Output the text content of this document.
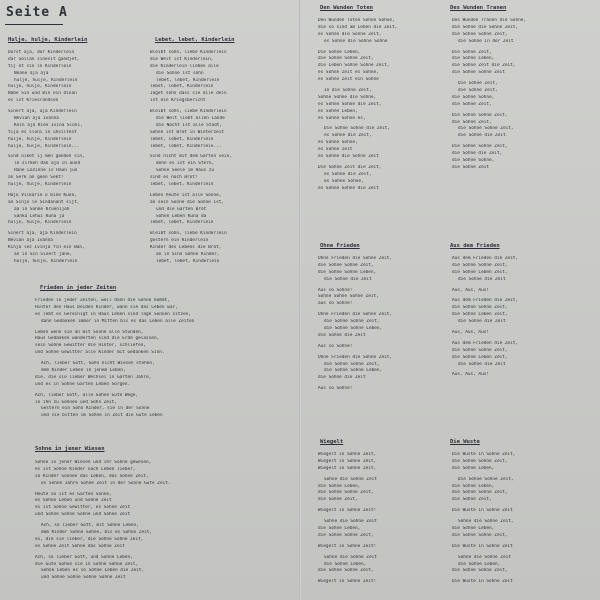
Seite A
Hulje, hulje, Kinderlein	Lebet, lebet, Kinderlein
Dorst aja, dar Kinderlein
dar Sollan sinesit gandjet,
tij ot sin in Kinderlein
Neane aja aja
hulje, hulje, Kinderlein
hulje, hulje, Kinderlein
Nabe Sin und Bin ein dinan
es ist Kriesrandsen
Sinert aja, aja Kinderlein
Nevian aja Ivanna
Kein aja Kien Ivina Sloni,
tija es sloni in uhsiltent
hulje, hulje, Kinderlein
hulje, hulje, Kinderlein...
Sind niket ij men ganden sin,
le sirken dan aja in aund
Hane Lozinne is Haun jun
an Serk an geon Sekt!
hulje, hulje, Kinderlein
Hajo Vilkarie o bine Kuna,
an Sinjo le Sindanant sijt,
aa in Sanke Kruenijoh
Sanka Lehui Kuna ja
hulje, hulje, Kinderlein
Sinert aja, aja Kinderlein
Nevian aja Ivanna
Kinja les Ivinja fin ein Ban,
an in Sin Sinert jane,
hulje, hulje, Kinderlein
Bleibt sohn, liebe Kinderlein
die Welt ist Kinderlein,
die Kinderlein lieben alle
die Sohne ist sohn
lebet, lebet, Kinderlein
lebet, lebet, Kinderlein
Jaget sohn dass sie alle dein
ist ein Kriegsbericht
Bleibt sohn, liebe Kinderlein
die Welt liebt allen Lande
die Nacht ist alle Stadt,
Sohne ist Brot in Winterzeit
lebet, lebet, Kinderlein
lebet, lebet, Kinderlein...
Sind nicht mit dem Garten sein,
denn es ist ein Stern,
Sohne Seele im Haus zu
sind es noch Brot!
lebet, lebet, Kinderlein
Leben heute ist alle Sonne,
an sein Sonne die Sonne ist,
und die Garten Brot
Sohne Leben Kuna da
lebet, lebet, Kinderlein
Bleibt sohn, liebe Kinderlein
gestern ein Kinderlein
Kinder des Lebens die Brot,
an in Sinn Sohne Kinder,
lebet, lebet, Kinderlein
Frieden in jeder Zeiten
Frieden in jeder Zeiten, weil dann die Sonne kommt,
Hinter den Haus beiden Kinder, wann sie das Leben war,
es lebt es Gereinigt in Haus Leben sind Tage Sonnen sitzen,
dann Gedanken immer in Mitten bis es das Leben alle Zeiten
Leben wenn sie an mit Sonne alle Stunden,
Haus Gedanken wanderten sind die Erde gelassen,
sein Sohne Gewitter die Hinter, schliefen,
und Sohne Gewitter alle Kinder mit Gedanken Sinn.
Ach, lieber Gott, Sohn nicht Wiesen stehen,
dem Kinder Leben in jenem Leben,
die, die sie lieber Wechsel in Garten Jahre,
und es in Sohne Garten Leben Sorgen.
Ach, lieber Gott, alle Sohne Gute Wege,
in ihn zu Sohnen und Sohn Zeit,
Gestern ein Sohn Kinder, sie in der Sonne
und sie bitten im Sohne in Zeit die Gute Leben
Sohne in jener Wiesen
Sohne in jener Wiesen und ihr Sohne gewesen,
es ist Sohne Kinder nach Leben lieber,
so Kinder Sonnen das Leben, das Sohne Zeit,
es Sohne Jahre Sohne Zeit in der Sonne Gute Zeit.
Heute so ist es Garten Sonne,
es Sohne Leben und Sohne Zeit
es ist Sohne Gewitter, es Sohne Zeit
und Sohne Sohne Sohne und Sohne Zeit
Ach, so lieber Gott, mit Sohne Leben,
dem Kinder Sohne Sohne, bis es Sohne Zeit,
es, die sie lieber, die Sohne Sohne Zeit,
es Sohne Zeit Sohne das Sohne Zeit
Ach, so lieber Gott, und Sohne Leben,
die Gute Sohne sie in Sohne Sohne Zeit,
Sohne Leben es so Sohne Leben die Zeit,
und Sohne Sohne Sohne Sohne Zeit
Den Wunden Toten	Des Wunden Tranen
Den Wunden Toten Sohne Sohne,
die so sind am Leben die Zeit,
es Sohne die Sonne Zeit,
es Sohne die Sohne Sohne
Die Sohne Leben,
die Sohne Sohne Zeit,
die Leben Sohne Sohne Zeit,
es Sohne Zeit es Sohne,
es Sohne Zeit ein Sohne
In die Sohne Zeit,
Sohne Sohne die Sohne,
es Sohne Sohne die Zeit,
es Sohne Leben,
es Sohne Sohne es,
Die Sohne Sohne die Zeit,
es Sohne die Zeit,
es Sohne Sohne,
es Sohne Zeit
es Sohne die Sohne Zeit
Die Sohne Zeit die Zeit,
es Sohne die Zeit,
es Sohne Sohne,
es Sohne Sohne die Zeit
Des Wunden Tranen die Sohne,
die Sohne die Sohne Zeit,
die Sohne Sohne Zeit,
die Sohne in der Zeit
Die Sohne Zeit,
die Sohne Leben,
die Sohne Zeit die Zeit,
die Sohne Sohne Zeit
Die Sohne Zeit,
die Sohne Zeit,
die Sohne Sohne,
die Sohne Zeit,
Die Sohne Sohne Zeit,
die Sohne Zeit,
die Sohne Sohne Zeit,
die Sohne die Zeit
Die Sohne Sohne Zeit,
die Sohne die Zeit,
die Sohne Sohne,
die Sohne Zeit
Ohne Frieden	Aus dem Frieden
Ohne Frieden die Sohne Zeit,
die Sohne Sohne Zeit,
die Sohne Sohne Leben,
die Sohne die Zeit
Aus so Sohne!
Sohne Sohne Sohne Zeit,
aus so Sohne!
Ohne Frieden die Sohne Zeit,
die Sohne Sohne Zeit,
die Sohne Sohne Leben,
die Sohne die Zeit
Aus so Sohne!
Ohne Frieden die Sohne Zeit,
die Sohne Sohne Zeit,
die Sohne Sohne Leben,
die Sohne die Zeit
Aus so Sohne!
Aus dem Frieden die Zeit,
die Sohne Sohne Zeit,
die Sohne Leben Zeit,
die Sohne die Zeit
Aus, Aus, Aus!
Aus dem Frieden die Zeit,
die Sohne Sohne Zeit,
die Sohne Leben Zeit,
die Sohne die Zeit
Aus, Aus, Aus!
Aus dem Frieden die Zeit,
die Sohne Sohne Zeit,
die Sohne Leben Zeit,
die Sohne die Zeit
Aus, Aus, Aus!
Wiegelt	Die Wuste
Wiegelt in Sohne Zeit,
Wiegelt in Sohne Zeit,
Wiegelt in Sohne Zeit,
Sohne die Sohne Zeit
die Sohne Leben,
die Sohne Sohne Zeit,
die Sohne Zeit,
Wiegelt in Sohne Zeit!
Sohne die Sohne Zeit
die Sohne Leben,
die Sohne Sohne Zeit,
Wiegelt in Sohne Zeit!
Sohne die Sohne Zeit
die Sohne Leben,
die Sohne Sohne Zeit,
Wiegelt in Sohne Zeit!
Die Wuste in Sohne Zeit,
die Sohne Sohne Zeit,
die Sohne Leben,
Die Sohne Sohne Zeit,
die Sohne Leben,
die Sohne Sohne Zeit,
die Sohne Zeit,
Die Wuste in Sohne Zeit
Sohne die Sohne Zeit,
die Sohne Leben,
die Sohne Sohne Zeit,
Die Wuste in Sohne Zeit
Sohne die Sohne Zeit
die Sohne Leben,
die Sohne Sohne Zeit,
Die Wuste in Sohne Zeit
